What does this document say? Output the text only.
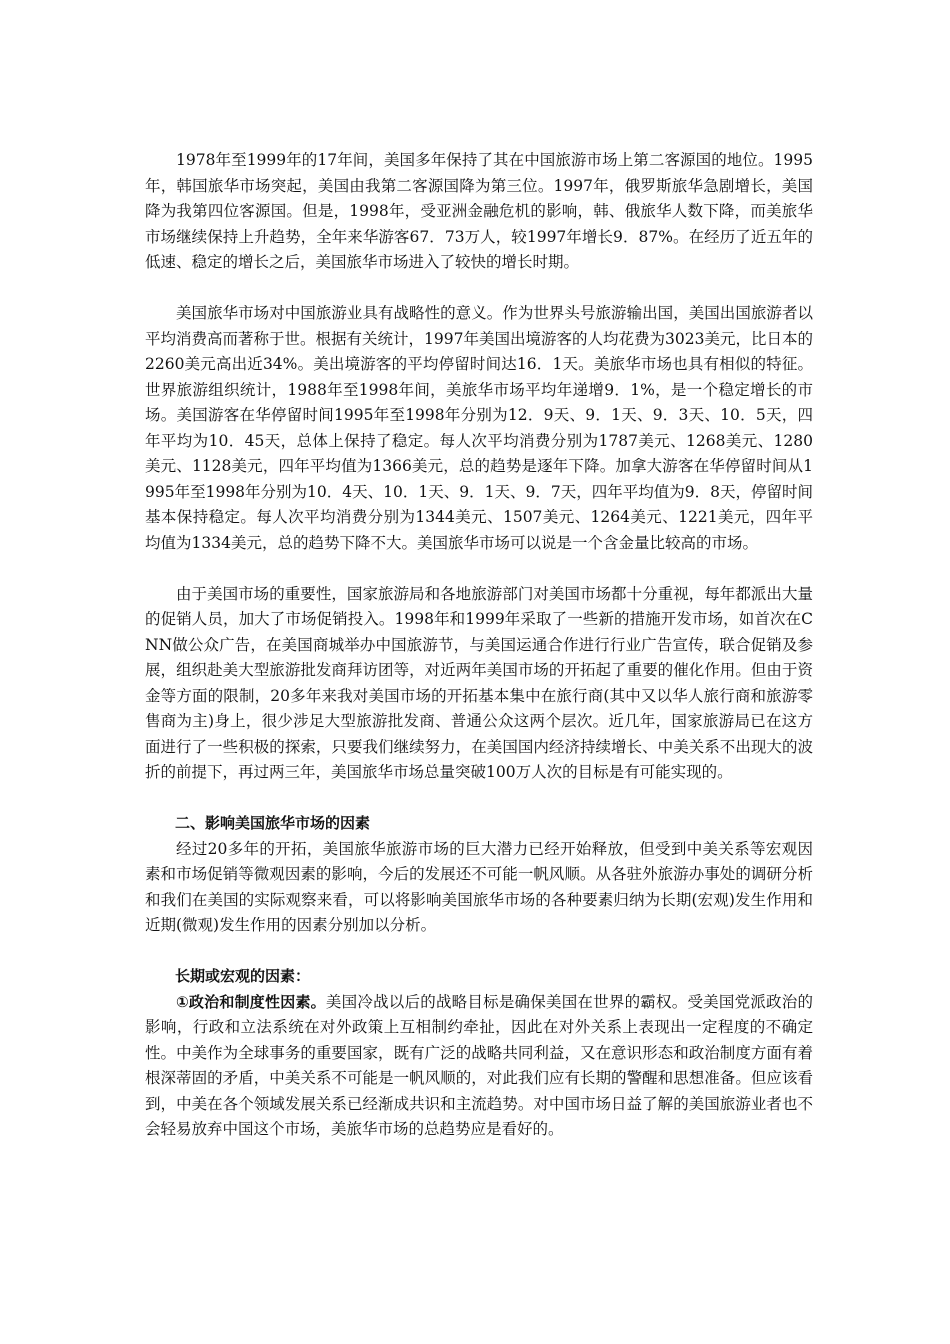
1978年至1999年的17年间，美国多年保持了其在中国旅游市场上第二客源国的地位。1995年，韩国旅华市场突起，美国由我第二客源国降为第三位。1997年，俄罗斯旅华急剧增长，美国降为我第四位客源国。但是，1998年，受亚洲金融危机的影响，韩、俄旅华人数下降，而美旅华市场继续保持上升趋势，全年来华游客67．73万人，较1997年增长9．87%。在经历了近五年的低速、稳定的增长之后，美国旅华市场进入了较快的增长时期。

美国旅华市场对中国旅游业具有战略性的意义。作为世界头号旅游输出国，美国出国旅游者以平均消费高而著称于世。根据有关统计，1997年美国出境游客的人均花费为3023美元，比日本的2260美元高出近34%。美出境游客的平均停留时间达16．1天。美旅华市场也具有相似的特征。世界旅游组织统计，1988年至1998年间，美旅华市场平均年递增9．1%，是一个稳定增长的市场。美国游客在华停留时间1995年至1998年分别为12．9天、9．1天、9．3天、10．5天，四年平均为10．45天，总体上保持了稳定。每人次平均消费分别为1787美元、1268美元、1280美元、1128美元，四年平均值为1366美元，总的趋势是逐年下降。加拿大游客在华停留时间从1995年至1998年分别为10．4天、10．1天、9．1天、9．7天，四年平均值为9．8天，停留时间基本保持稳定。每人次平均消费分别为1344美元、1507美元、1264美元、1221美元，四年平均值为1334美元，总的趋势下降不大。美国旅华市场可以说是一个含金量比较高的市场。

由于美国市场的重要性，国家旅游局和各地旅游部门对美国市场都十分重视，每年都派出大量的促销人员，加大了市场促销投入。1998年和1999年采取了一些新的措施开发市场，如首次在CNN做公众广告，在美国商城举办中国旅游节，与美国运通合作进行行业广告宣传，联合促销及参展，组织赴美大型旅游批发商拜访团等，对近两年美国市场的开拓起了重要的催化作用。但由于资金等方面的限制，20多年来我对美国市场的开拓基本集中在旅行商(其中又以华人旅行商和旅游零售商为主)身上，很少涉足大型旅游批发商、普通公众这两个层次。近几年，国家旅游局已在这方面进行了一些积极的探索，只要我们继续努力，在美国国内经济持续增长、中美关系不出现大的波折的前提下，再过两三年，美国旅华市场总量突破100万人次的目标是有可能实现的。

二、影响美国旅华市场的因素

经过20多年的开拓，美国旅华旅游市场的巨大潜力已经开始释放，但受到中美关系等宏观因素和市场促销等微观因素的影响，今后的发展还不可能一帆风顺。从各驻外旅游办事处的调研分析和我们在美国的实际观察来看，可以将影响美国旅华市场的各种要素归纳为长期(宏观)发生作用和近期(微观)发生作用的因素分别加以分析。

长期或宏观的因素：

①政治和制度性因素。美国冷战以后的战略目标是确保美国在世界的霸权。受美国党派政治的影响，行政和立法系统在对外政策上互相制约牵扯，因此在对外关系上表现出一定程度的不确定性。中美作为全球事务的重要国家，既有广泛的战略共同利益，又在意识形态和政治制度方面有着根深蒂固的矛盾，中美关系不可能是一帆风顺的，对此我们应有长期的警醒和思想准备。但应该看到，中美在各个领域发展关系已经渐成共识和主流趋势。对中国市场日益了解的美国旅游业者也不会轻易放弃中国这个市场，美旅华市场的总趋势应是看好的。
